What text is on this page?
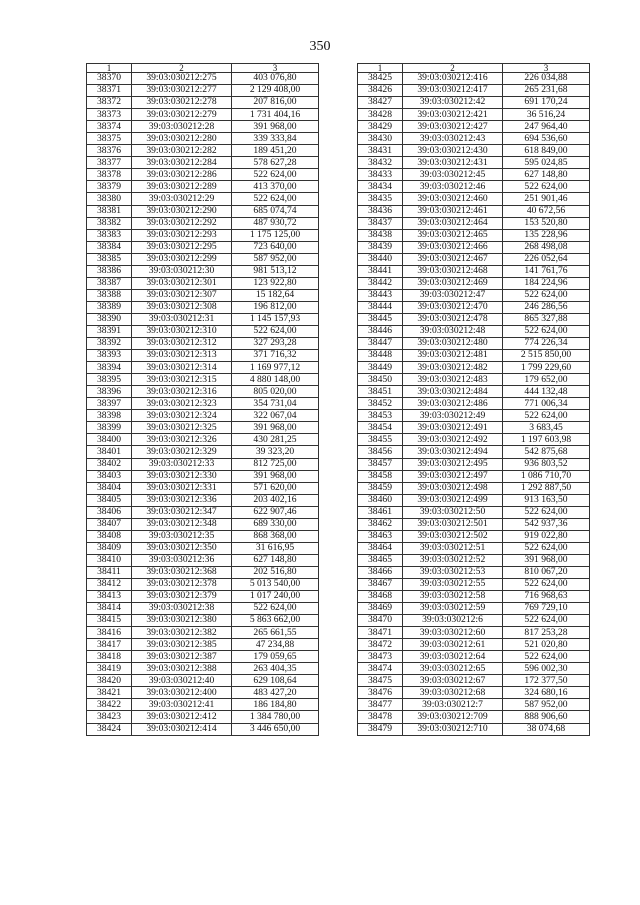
350
1	2	3
38370	39:03:030212:275	403 076,80
38371	39:03:030212:277	2 129 408,00
38372	39:03:030212:278	207 816,00
38373	39:03:030212:279	1 731 404,16
38374	39:03:030212:28	391 968,00
38375	39:03:030212:280	339 333,84
38376	39:03:030212:282	189 451,20
38377	39:03:030212:284	578 627,28
38378	39:03:030212:286	522 624,00
38379	39:03:030212:289	413 370,00
38380	39:03:030212:29	522 624,00
38381	39:03:030212:290	685 074,74
38382	39:03:030212:292	487 930,72
38383	39:03:030212:293	1 175 125,00
38384	39:03:030212:295	723 640,00
38385	39:03:030212:299	587 952,00
38386	39:03:030212:30	981 513,12
38387	39:03:030212:301	123 922,80
38388	39:03:030212:307	15 182,64
38389	39:03:030212:308	196 812,00
38390	39:03:030212:31	1 145 157,93
38391	39:03:030212:310	522 624,00
38392	39:03:030212:312	327 293,28
38393	39:03:030212:313	371 716,32
38394	39:03:030212:314	1 169 977,12
38395	39:03:030212:315	4 880 148,00
38396	39:03:030212:316	805 020,00
38397	39:03:030212:323	354 731,04
38398	39:03:030212:324	322 067,04
38399	39:03:030212:325	391 968,00
38400	39:03:030212:326	430 281,25
38401	39:03:030212:329	39 323,20
38402	39:03:030212:33	812 725,00
38403	39:03:030212:330	391 968,00
38404	39:03:030212:331	571 620,00
38405	39:03:030212:336	203 402,16
38406	39:03:030212:347	622 907,46
38407	39:03:030212:348	689 330,00
38408	39:03:030212:35	868 368,00
38409	39:03:030212:350	31 616,95
38410	39:03:030212:36	627 148,80
38411	39:03:030212:368	202 516,80
38412	39:03:030212:378	5 013 540,00
38413	39:03:030212:379	1 017 240,00
38414	39:03:030212:38	522 624,00
38415	39:03:030212:380	5 863 662,00
38416	39:03:030212:382	265 661,55
38417	39:03:030212:385	47 234,88
38418	39:03:030212:387	179 059,65
38419	39:03:030212:388	263 404,35
38420	39:03:030212:40	629 108,64
38421	39:03:030212:400	483 427,20
38422	39:03:030212:41	186 184,80
38423	39:03:030212:412	1 384 780,00
38424	39:03:030212:414	3 446 650,00
1	2	3
38425	39:03:030212:416	226 034,88
38426	39:03:030212:417	265 231,68
38427	39:03:030212:42	691 170,24
38428	39:03:030212:421	36 516,24
38429	39:03:030212:427	247 964,40
38430	39:03:030212:43	694 536,60
38431	39:03:030212:430	618 849,00
38432	39:03:030212:431	595 024,85
38433	39:03:030212:45	627 148,80
38434	39:03:030212:46	522 624,00
38435	39:03:030212:460	251 901,46
38436	39:03:030212:461	40 672,56
38437	39:03:030212:464	153 520,80
38438	39:03:030212:465	135 228,96
38439	39:03:030212:466	268 498,08
38440	39:03:030212:467	226 052,64
38441	39:03:030212:468	141 761,76
38442	39:03:030212:469	184 224,96
38443	39:03:030212:47	522 624,00
38444	39:03:030212:470	246 286,56
38445	39:03:030212:478	865 327,88
38446	39:03:030212:48	522 624,00
38447	39:03:030212:480	774 226,34
38448	39:03:030212:481	2 515 850,00
38449	39:03:030212:482	1 799 229,60
38450	39:03:030212:483	179 652,00
38451	39:03:030212:484	444 132,48
38452	39:03:030212:486	771 006,34
38453	39:03:030212:49	522 624,00
38454	39:03:030212:491	3 683,45
38455	39:03:030212:492	1 197 603,98
38456	39:03:030212:494	542 875,68
38457	39:03:030212:495	936 803,52
38458	39:03:030212:497	1 086 710,70
38459	39:03:030212:498	1 292 887,50
38460	39:03:030212:499	913 163,50
38461	39:03:030212:50	522 624,00
38462	39:03:030212:501	542 937,36
38463	39:03:030212:502	919 022,80
38464	39:03:030212:51	522 624,00
38465	39:03:030212:52	391 968,00
38466	39:03:030212:53	810 067,20
38467	39:03:030212:55	522 624,00
38468	39:03:030212:58	716 968,63
38469	39:03:030212:59	769 729,10
38470	39:03:030212:6	522 624,00
38471	39:03:030212:60	817 253,28
38472	39:03:030212:61	521 020,80
38473	39:03:030212:64	522 624,00
38474	39:03:030212:65	596 002,30
38475	39:03:030212:67	172 377,50
38476	39:03:030212:68	324 680,16
38477	39:03:030212:7	587 952,00
38478	39:03:030212:709	888 906,60
38479	39:03:030212:710	38 074,68
